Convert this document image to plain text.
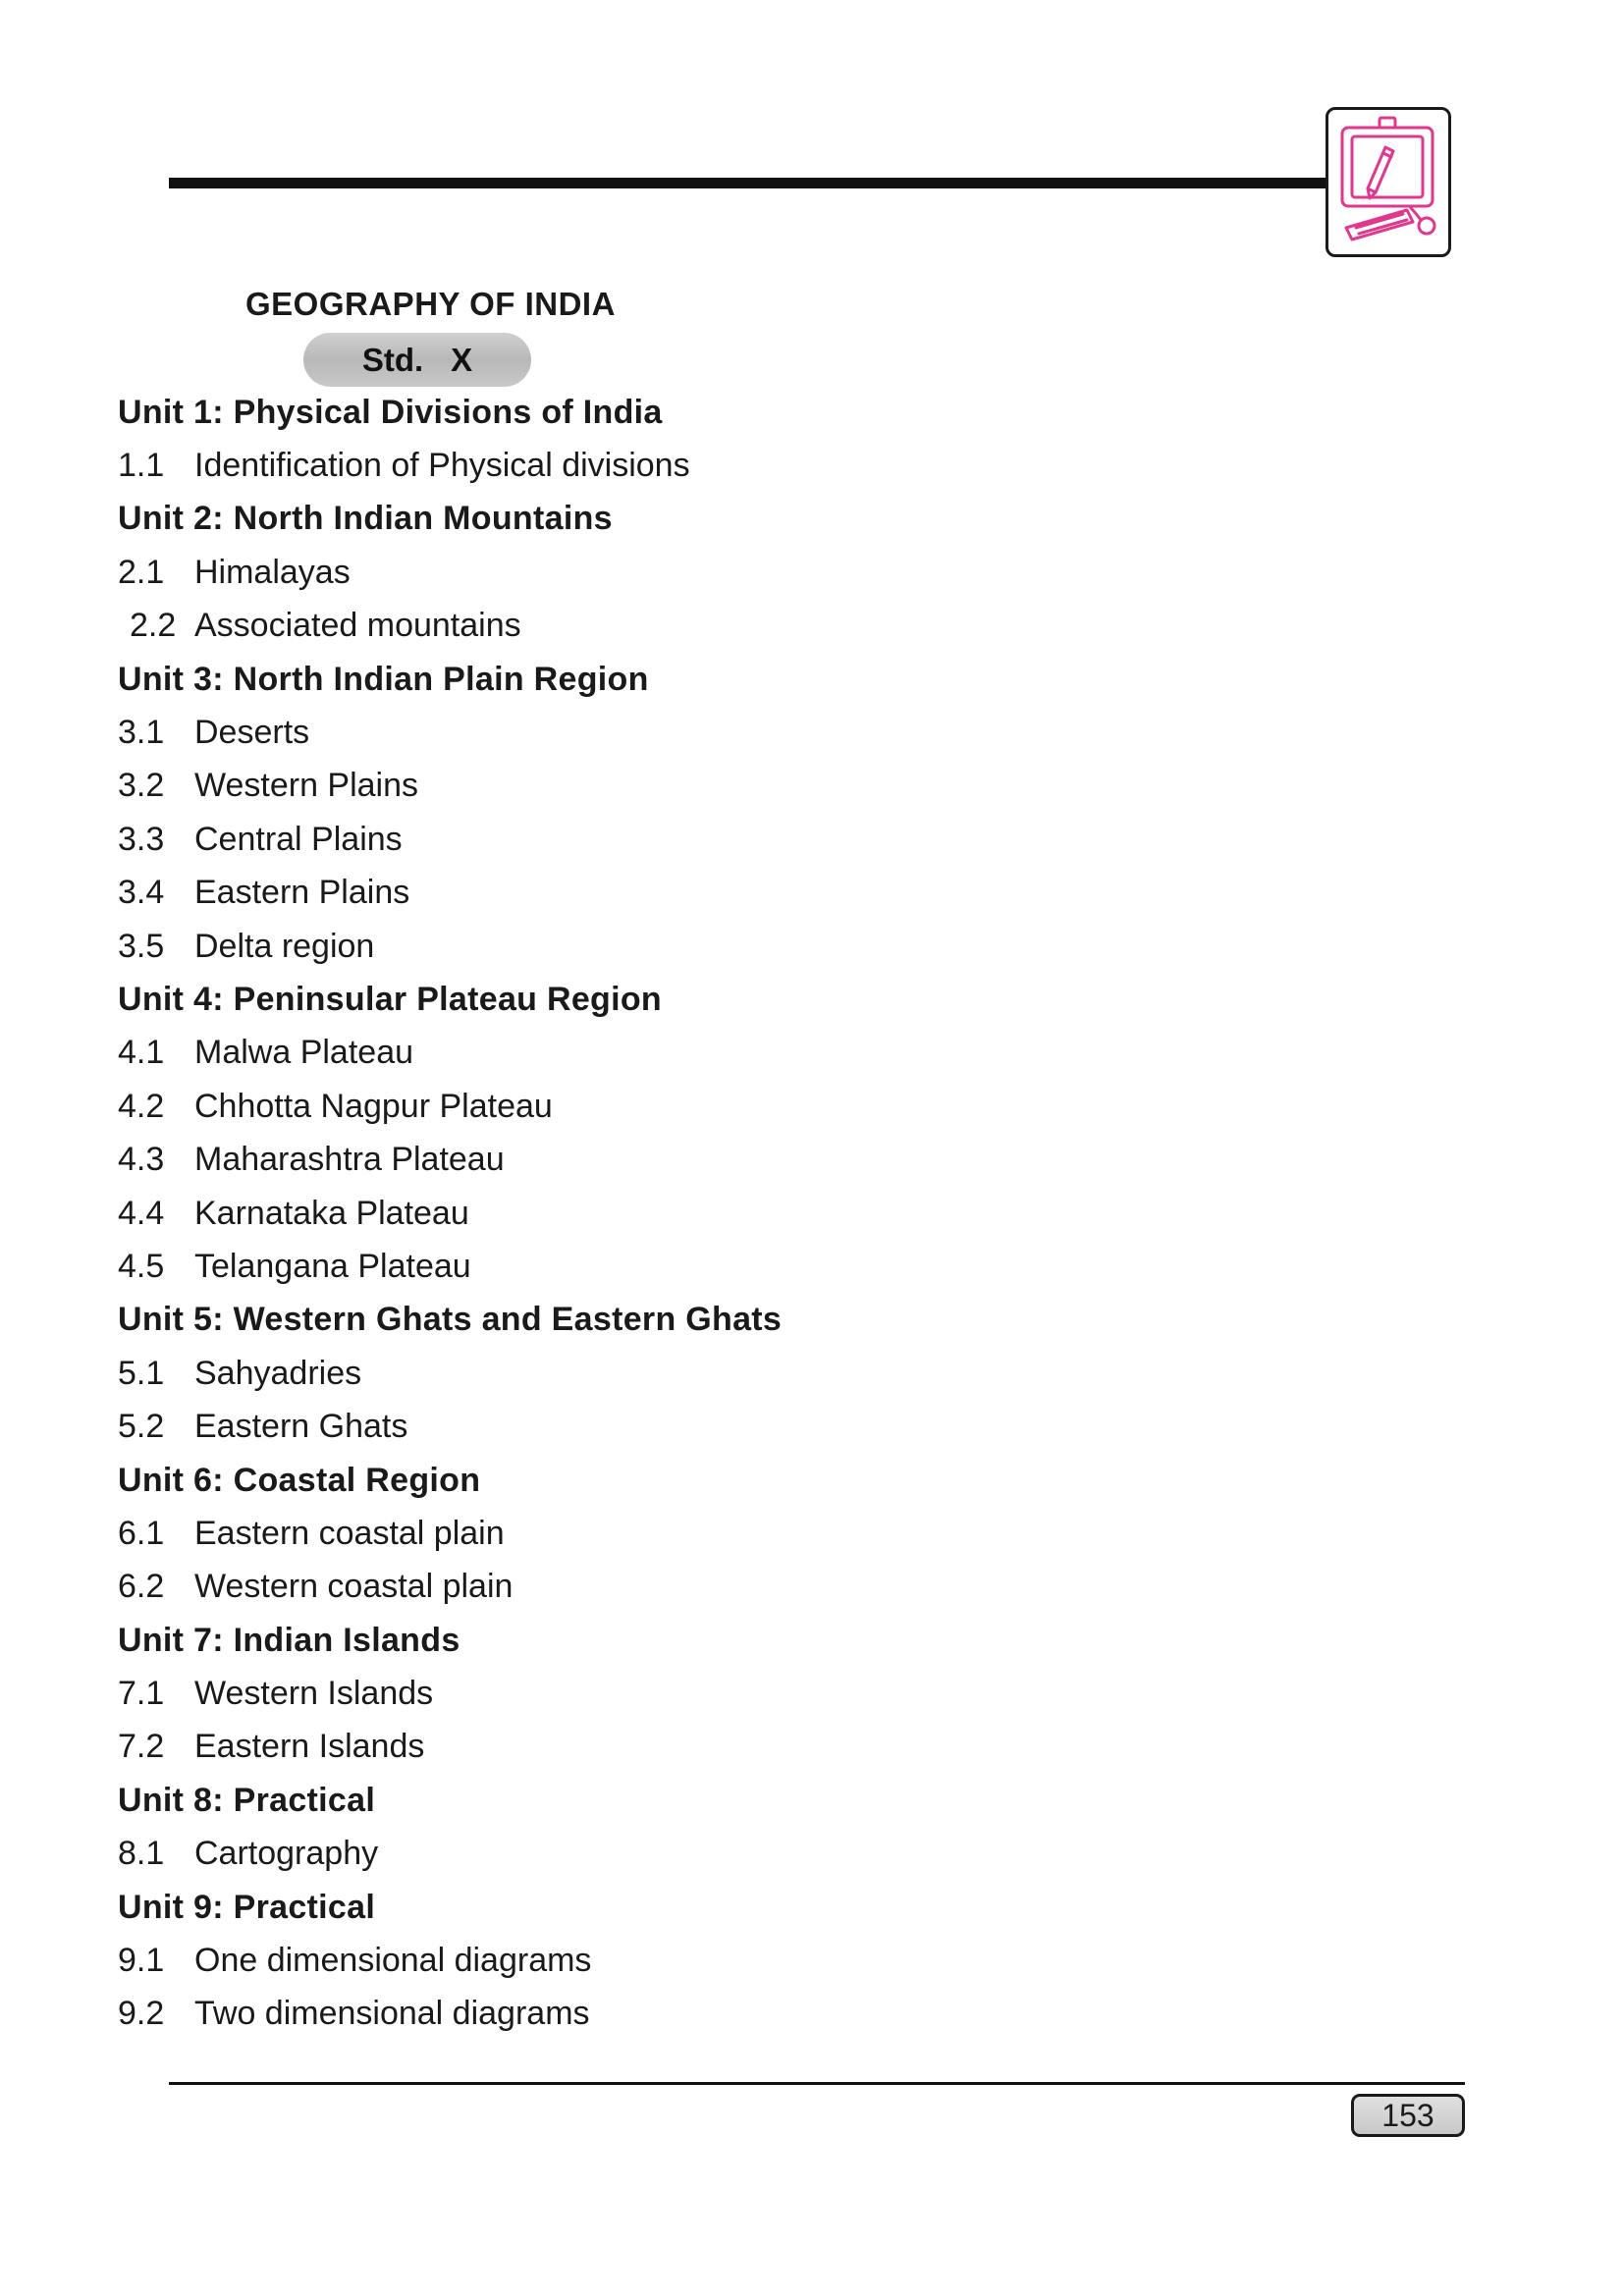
GEOGRAPHY OF INDIA
Std. X
Unit 1: Physical Divisions of India
1.1 Identification of Physical divisions
Unit 2: North Indian Mountains
2.1 Himalayas
2.2 Associated mountains
Unit 3: North Indian Plain Region
3.1 Deserts
3.2 Western Plains
3.3 Central Plains
3.4 Eastern Plains
3.5 Delta region
Unit 4: Peninsular Plateau Region
4.1 Malwa Plateau
4.2 Chhotta Nagpur Plateau
4.3 Maharashtra Plateau
4.4 Karnataka Plateau
4.5 Telangana Plateau
Unit 5: Western Ghats and Eastern Ghats
5.1 Sahyadries
5.2 Eastern Ghats
Unit 6: Coastal Region
6.1 Eastern coastal plain
6.2 Western coastal plain
Unit 7: Indian Islands
7.1 Western Islands
7.2 Eastern Islands
Unit 8: Practical
8.1 Cartography
Unit 9: Practical
9.1 One dimensional diagrams
9.2 Two dimensional diagrams
153
